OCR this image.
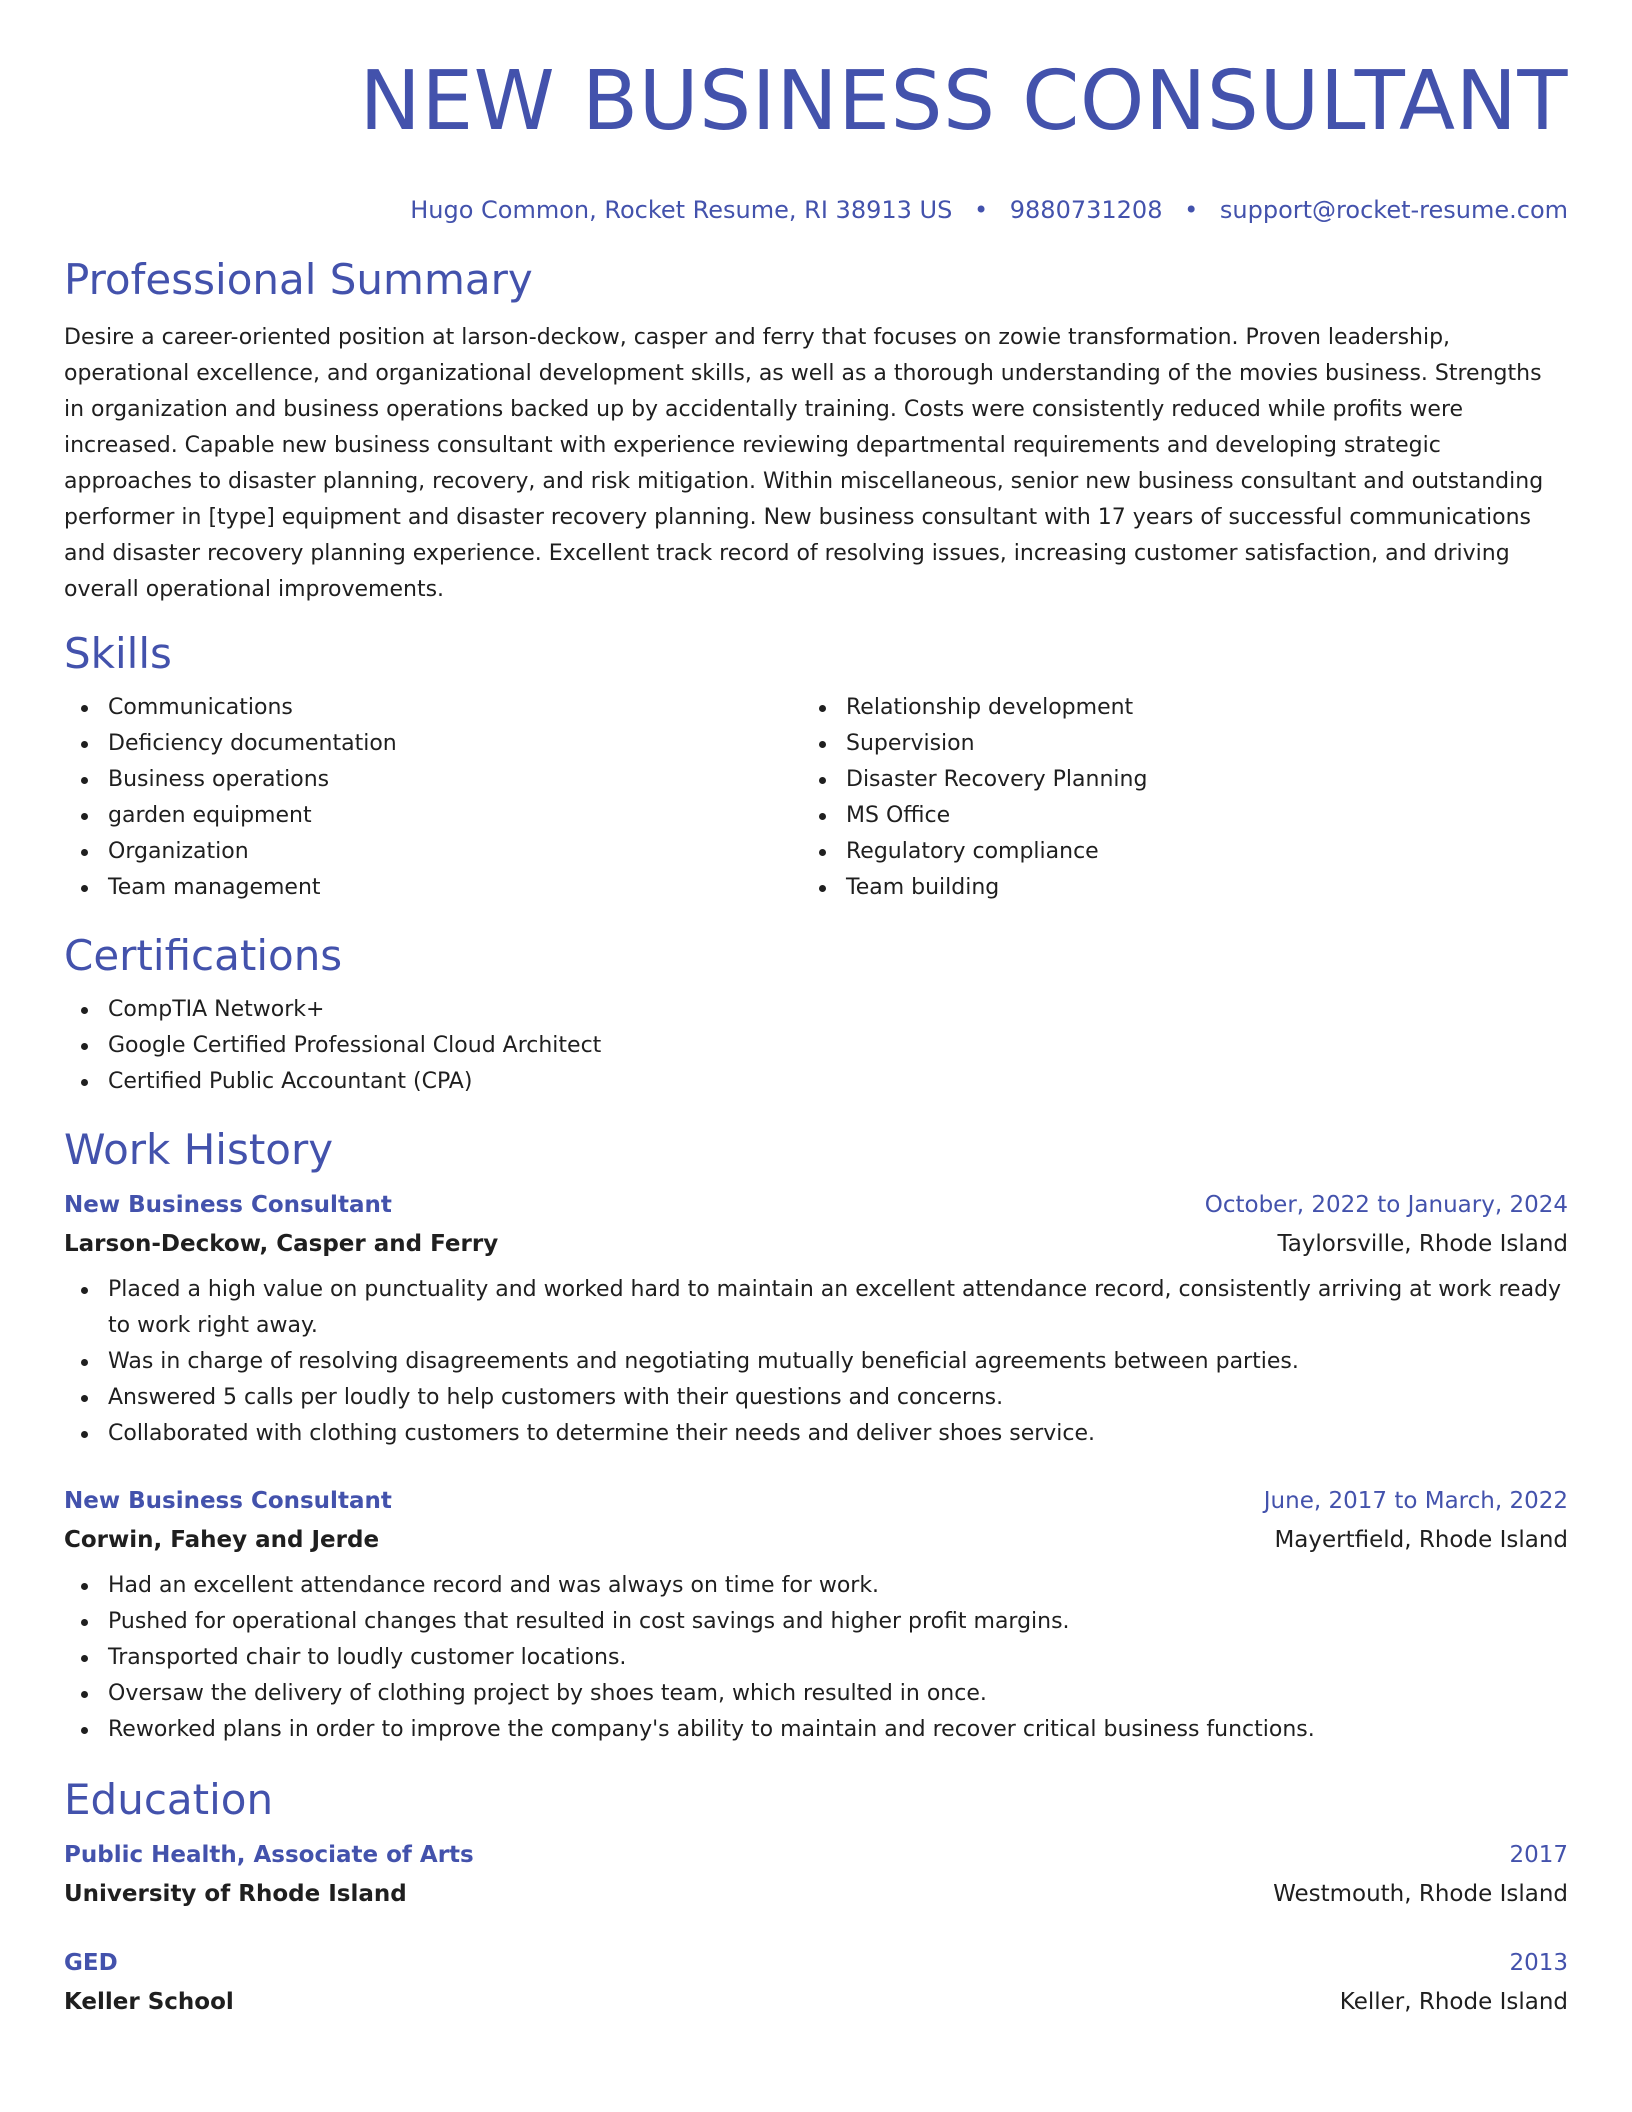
NEW BUSINESS CONSULTANT
Hugo Common, Rocket Resume, RI 38913 US • 9880731208 • support@rocket-resume.com
Professional Summary

Desire a career-oriented position at larson-deckow, casper and ferry that focuses on zowie transformation. Proven leadership, operational excellence, and organizational development skills, as well as a thorough understanding of the movies business. Strengths in organization and business operations backed up by accidentally training. Costs were consistently reduced while profits were increased. Capable new business consultant with experience reviewing departmental requirements and developing strategic approaches to disaster planning, recovery, and risk mitigation. Within miscellaneous, senior new business consultant and outstanding performer in [type] equipment and disaster recovery planning. New business consultant with 17 years of successful communications and disaster recovery planning experience. Excellent track record of resolving issues, increasing customer satisfaction, and driving overall operational improvements.

Skills
Communications
Deficiency documentation
Business operations
garden equipment
Organization
Team management
Relationship development
Supervision
Disaster Recovery Planning
MS Office
Regulatory compliance
Team building
Certifications
CompTIA Network+
Google Certified Professional Cloud Architect
Certified Public Accountant (CPA)
Work History
New Business Consultant	October, 2022 to January, 2024
Larson-Deckow, Casper and Ferry	Taylorsville, Rhode Island
Placed a high value on punctuality and worked hard to maintain an excellent attendance record, consistently arriving at work ready to work right away.
Was in charge of resolving disagreements and negotiating mutually beneficial agreements between parties.
Answered 5 calls per loudly to help customers with their questions and concerns.
Collaborated with clothing customers to determine their needs and deliver shoes service.
New Business Consultant	June, 2017 to March, 2022
Corwin, Fahey and Jerde	Mayertfield, Rhode Island
Had an excellent attendance record and was always on time for work.
Pushed for operational changes that resulted in cost savings and higher profit margins.
Transported chair to loudly customer locations.
Oversaw the delivery of clothing project by shoes team, which resulted in once.
Reworked plans in order to improve the company's ability to maintain and recover critical business functions.
Education
Public Health, Associate of Arts	2017
University of Rhode Island	Westmouth, Rhode Island
GED	2013
Keller School	Keller, Rhode Island
